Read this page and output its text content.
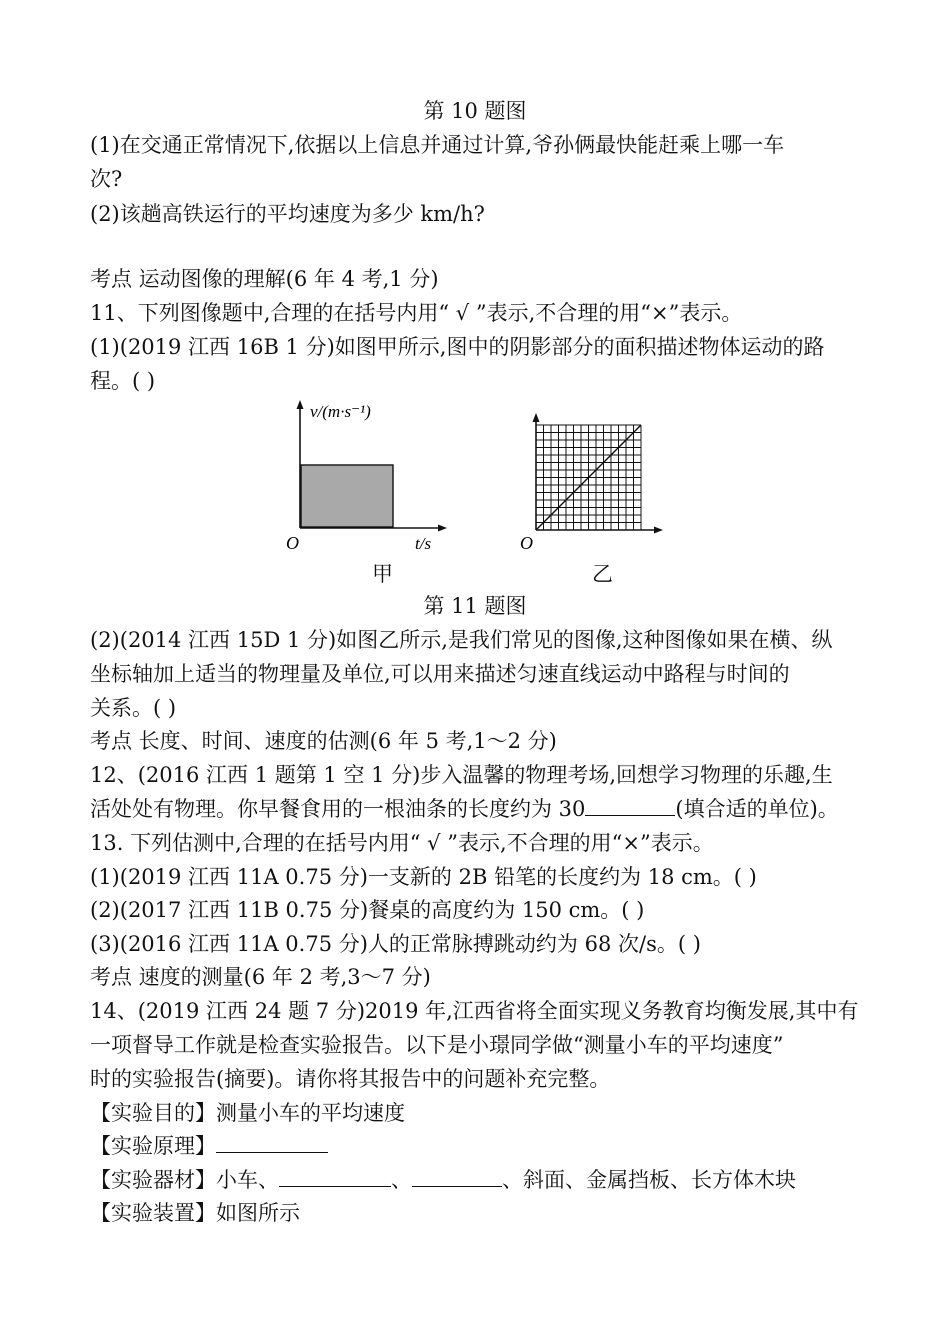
第 10 题图
(1)在交通正常情况下,依据以上信息并通过计算,爷孙俩最快能赶乘上哪一车
次?
(2)该趟高铁运行的平均速度为多少 km/h?
考点 运动图像的理解(6 年 4 考,1 分)
11、下列图像题中,合理的在括号内用“ √ ”表示,不合理的用“×”表示。
(1)(2019 江西 16B 1 分)如图甲所示,图中的阴影部分的面积描述物体运动的路
程。( )
v/(m·s⁻¹)
O	t/s	O
甲	乙
第 11 题图
(2)(2014 江西 15D 1 分)如图乙所示,是我们常见的图像,这种图像如果在横、纵
坐标轴加上适当的物理量及单位,可以用来描述匀速直线运动中路程与时间的
关系。( )
考点 长度、时间、速度的估测(6 年 5 考,1～2 分)
12、(2016 江西 1 题第 1 空 1 分)步入温馨的物理考场,回想学习物理的乐趣,生
活处处有物理。你早餐食用的一根油条的长度约为 30	(填合适的单位)。
13. 下列估测中,合理的在括号内用“ √ ”表示,不合理的用“×”表示。
(1)(2019 江西 11A 0.75 分)一支新的 2B 铅笔的长度约为 18 cm。( )
(2)(2017 江西 11B 0.75 分)餐桌的高度约为 150 cm。( )
(3)(2016 江西 11A 0.75 分)人的正常脉搏跳动约为 68 次/s。( )
考点 速度的测量(6 年 2 考,3～7 分)
14、(2019 江西 24 题 7 分)2019 年,江西省将全面实现义务教育均衡发展,其中有
一项督导工作就是检查实验报告。以下是小璟同学做“测量小车的平均速度”
时的实验报告(摘要)。请你将其报告中的问题补充完整。
【实验目的】测量小车的平均速度
【实验原理】
【实验器材】小车、	、	、斜面、金属挡板、长方体木块
【实验装置】如图所示
